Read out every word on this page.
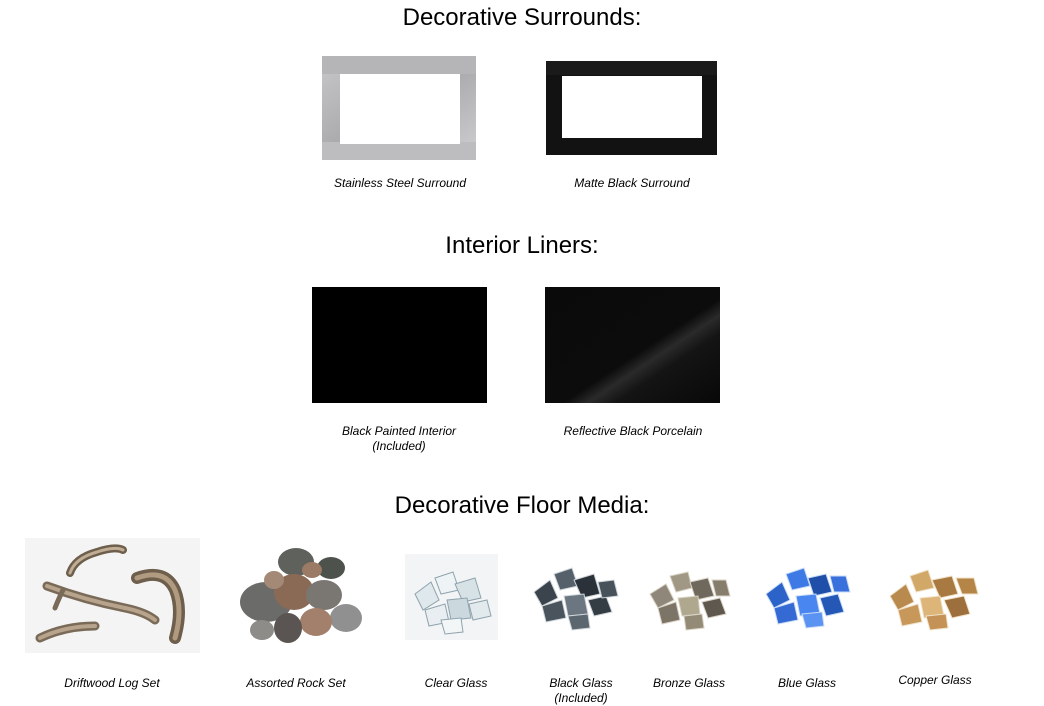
Decorative Surrounds:

Stainless Steel Surround	Matte Black Surround

Interior Liners:

Black Painted Interior
(Included)

Reflective Black Porcelain

Decorative Floor Media:

Driftwood Log Set	Assorted Rock Set	Clear Glass	Black Glass
(Included)

Bronze Glass	Blue Glass	Copper Glass
